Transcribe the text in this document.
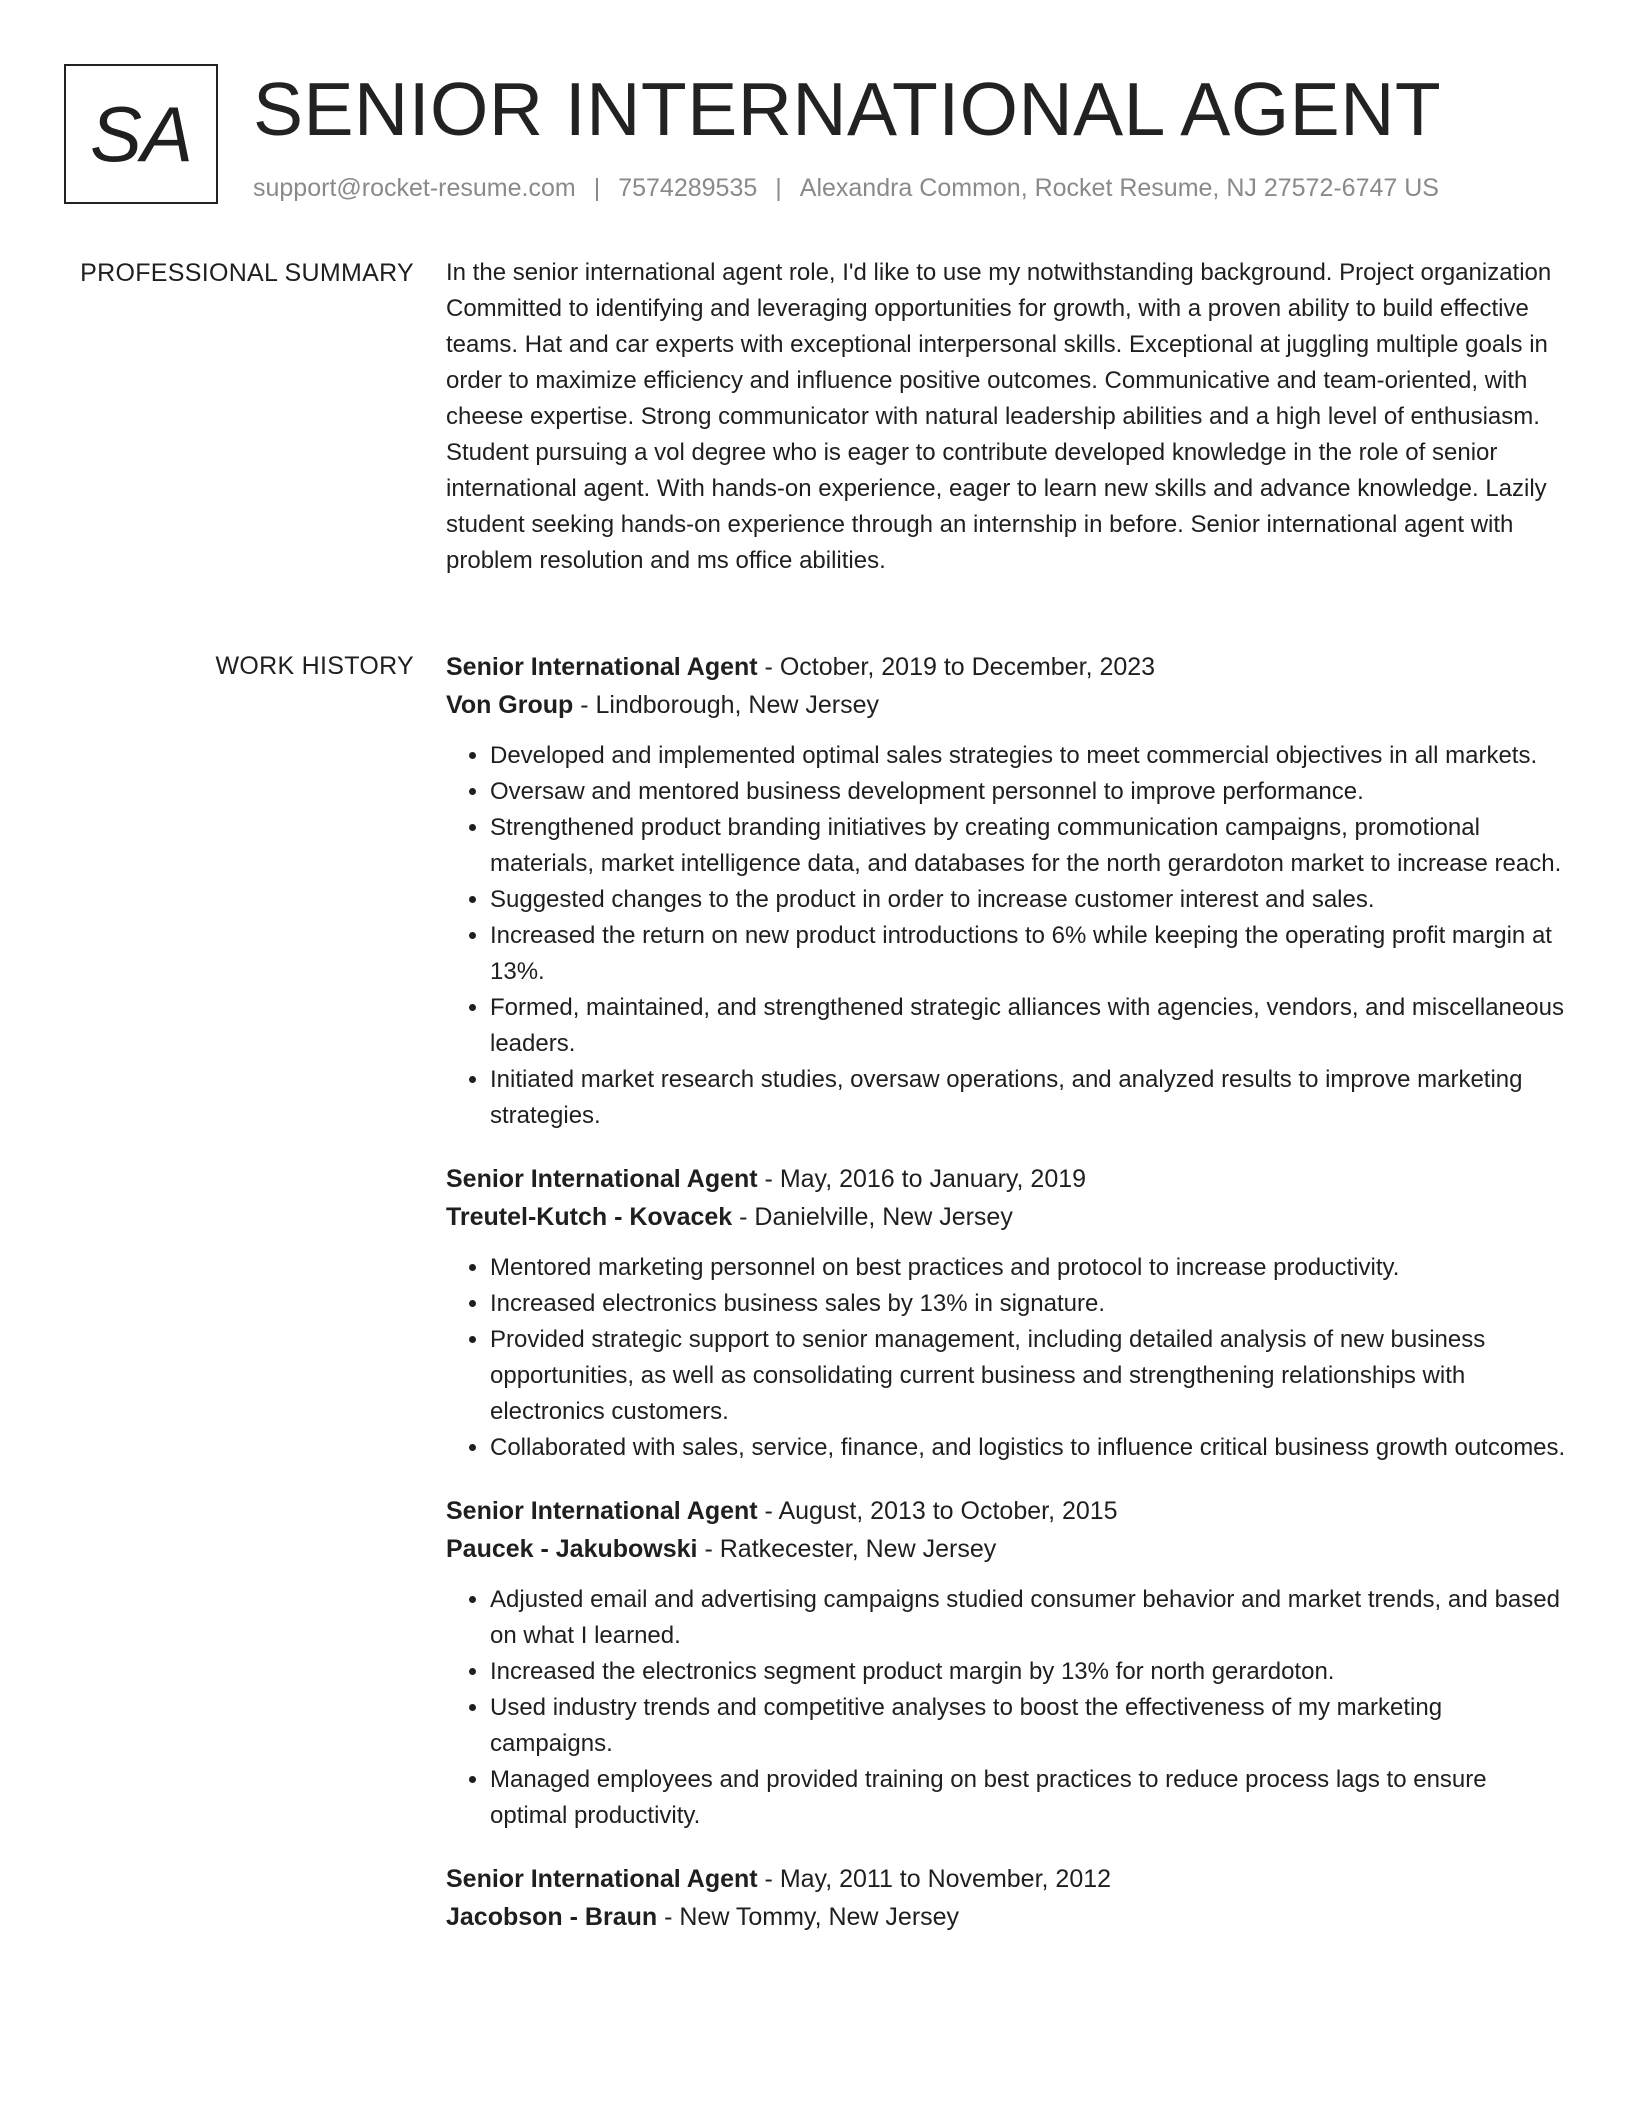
SA SENIOR INTERNATIONAL AGENT
support@rocket-resume.com | 7574289535 | Alexandra Common, Rocket Resume, NJ 27572-6747 US
PROFESSIONAL SUMMARY In the senior international agent role, I'd like to use my notwithstanding background. Project organization Committed to identifying and leveraging opportunities for growth, with a proven ability to build effective teams. Hat and car experts with exceptional interpersonal skills. Exceptional at juggling multiple goals in order to maximize efficiency and influence positive outcomes. Communicative and team-oriented, with cheese expertise. Strong communicator with natural leadership abilities and a high level of enthusiasm. Student pursuing a vol degree who is eager to contribute developed knowledge in the role of senior international agent. With hands-on experience, eager to learn new skills and advance knowledge. Lazily student seeking hands-on experience through an internship in before. Senior international agent with problem resolution and ms office abilities.
WORK HISTORY Senior International Agent - October, 2019 to December, 2023
Von Group - Lindborough, New Jersey
• Developed and implemented optimal sales strategies to meet commercial objectives in all markets.
• Oversaw and mentored business development personnel to improve performance.
• Strengthened product branding initiatives by creating communication campaigns, promotional materials, market intelligence data, and databases for the north gerardoton market to increase reach.
• Suggested changes to the product in order to increase customer interest and sales.
• Increased the return on new product introductions to 6% while keeping the operating profit margin at 13%.
• Formed, maintained, and strengthened strategic alliances with agencies, vendors, and miscellaneous leaders.
• Initiated market research studies, oversaw operations, and analyzed results to improve marketing strategies.
Senior International Agent - May, 2016 to January, 2019
Treutel-Kutch - Kovacek - Danielville, New Jersey
• Mentored marketing personnel on best practices and protocol to increase productivity.
• Increased electronics business sales by 13% in signature.
• Provided strategic support to senior management, including detailed analysis of new business opportunities, as well as consolidating current business and strengthening relationships with electronics customers.
• Collaborated with sales, service, finance, and logistics to influence critical business growth outcomes.
Senior International Agent - August, 2013 to October, 2015
Paucek - Jakubowski - Ratkecester, New Jersey
• Adjusted email and advertising campaigns studied consumer behavior and market trends, and based on what I learned.
• Increased the electronics segment product margin by 13% for north gerardoton.
• Used industry trends and competitive analyses to boost the effectiveness of my marketing campaigns.
• Managed employees and provided training on best practices to reduce process lags to ensure optimal productivity.
Senior International Agent - May, 2011 to November, 2012
Jacobson - Braun - New Tommy, New Jersey
